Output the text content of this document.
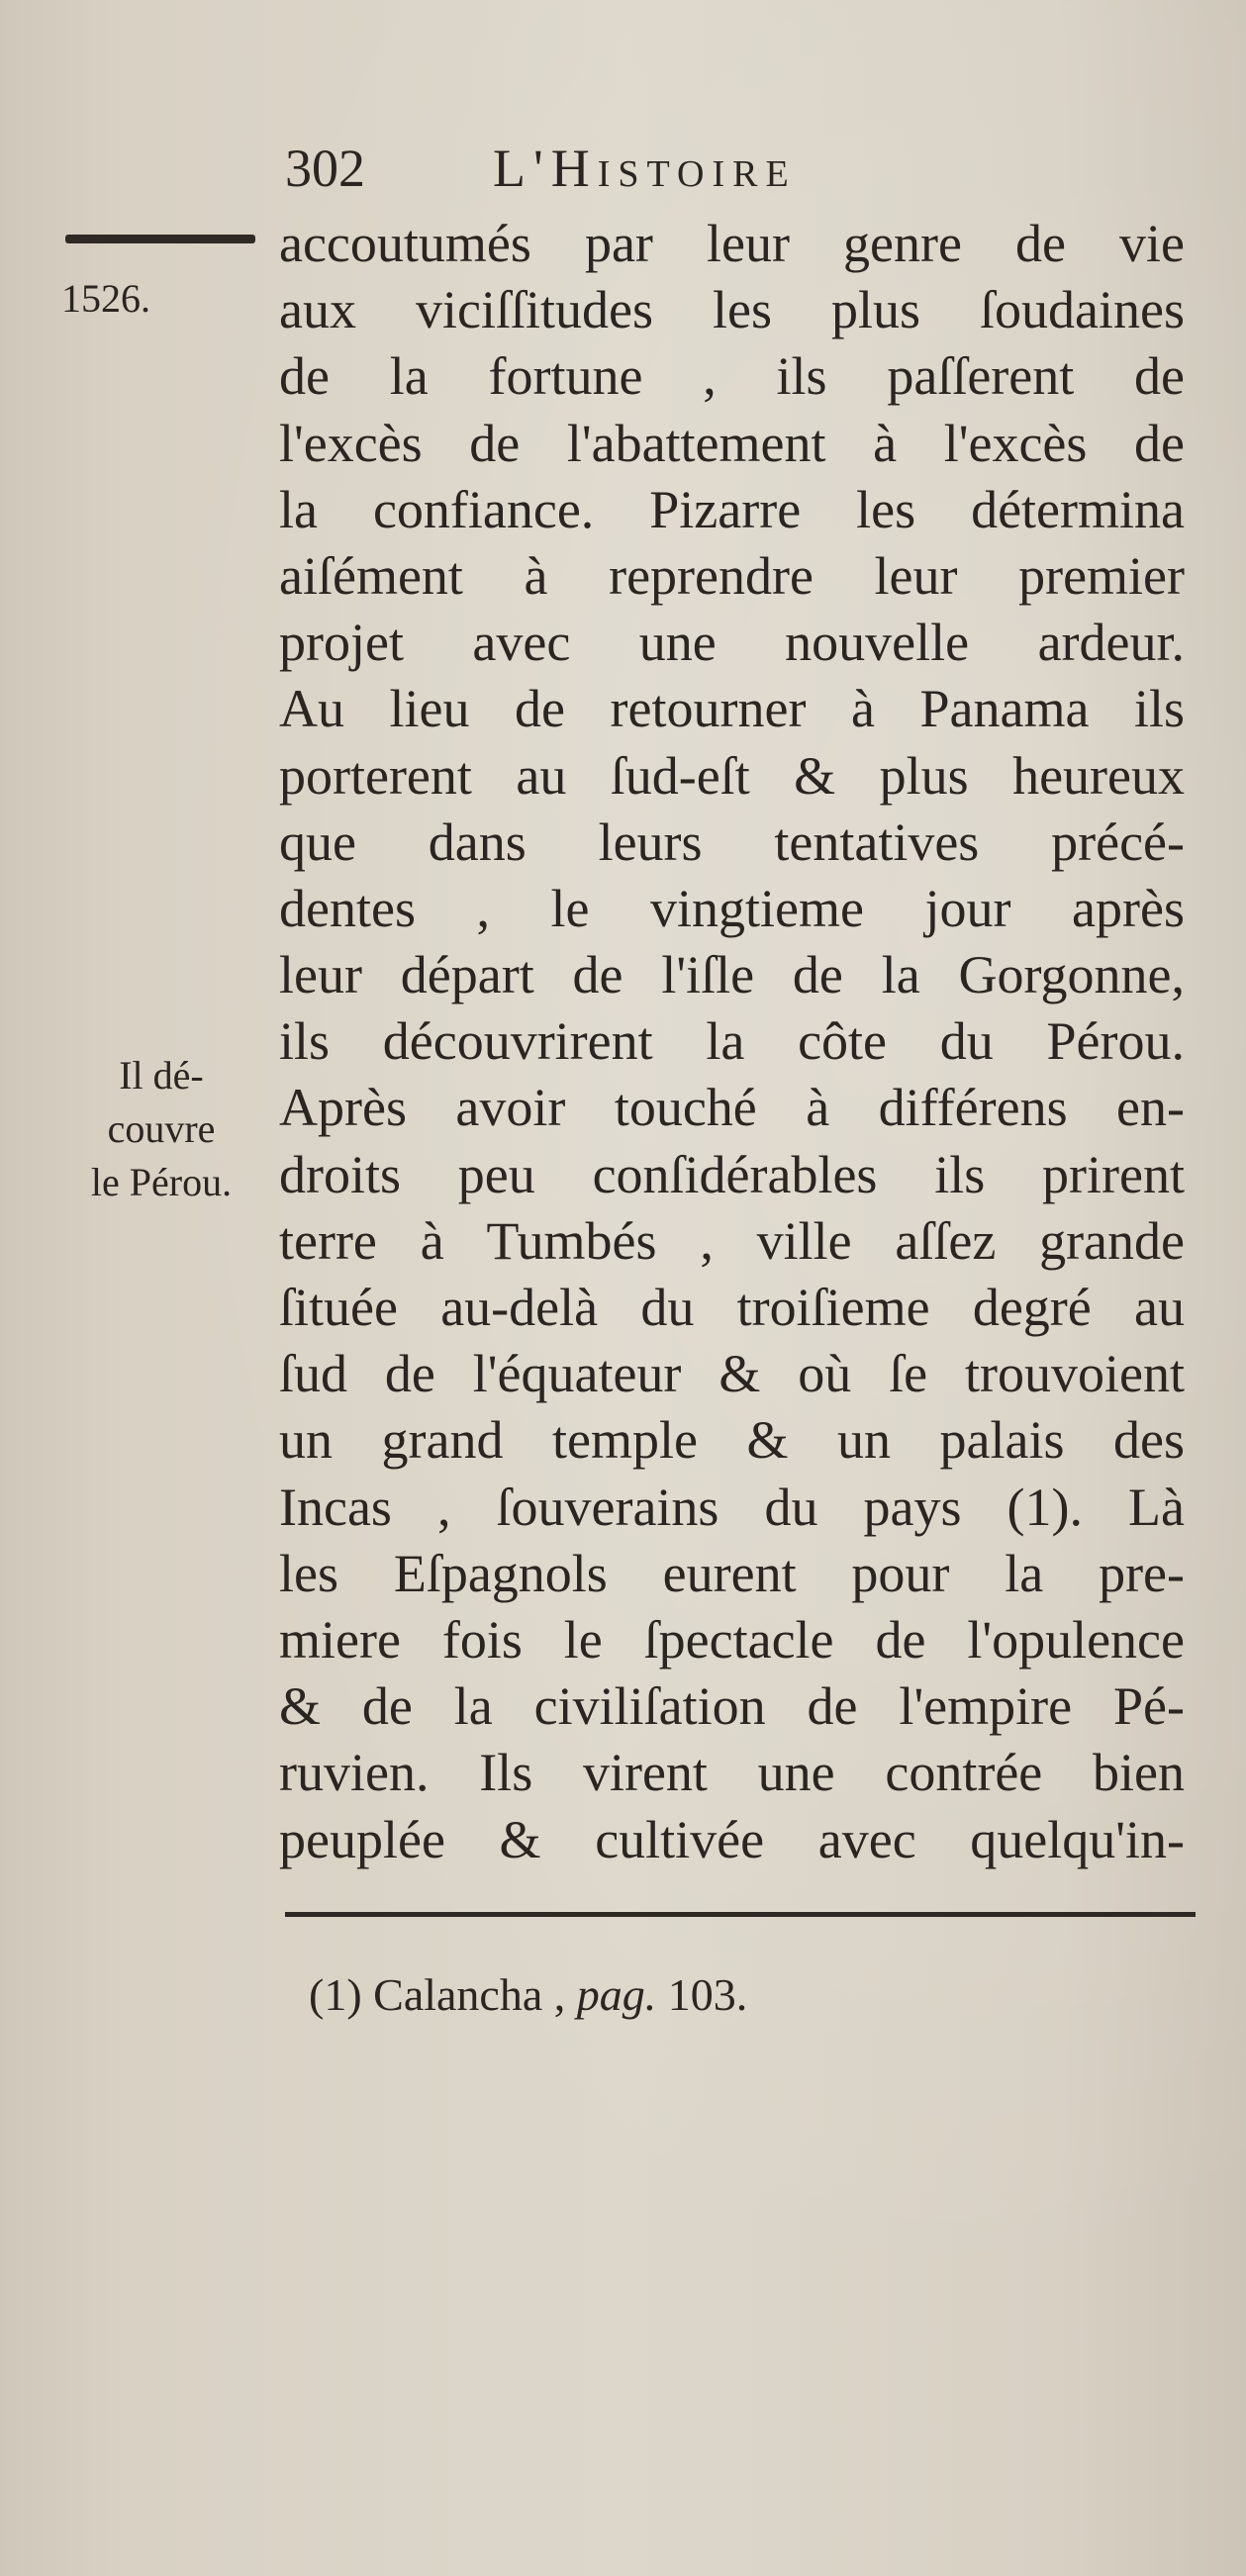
302 L'Histoire
1526.
Il dé-
couvre
le Pérou.
accoutumés par leur genre de vie
aux viciſſitudes les plus ſoudaines
de la fortune , ils paſſerent de
l'excès de l'abattement à l'excès de
la confiance. Pizarre les détermina
aiſément à reprendre leur premier
projet avec une nouvelle ardeur.
Au lieu de retourner à Panama ils
porterent au ſud-eſt & plus heureux
que dans leurs tentatives précé-
dentes , le vingtieme jour après
leur départ de l'iſle de la Gorgonne,
ils découvrirent la côte du Pérou.
Après avoir touché à différens en-
droits peu conſidérables ils prirent
terre à Tumbés , ville aſſez grande
ſituée au-delà du troiſieme degré au
ſud de l'équateur & où ſe trouvoient
un grand temple & un palais des
Incas , ſouverains du pays (1). Là
les Eſpagnols eurent pour la pre-
miere fois le ſpectacle de l'opulence
& de la civiliſation de l'empire Pé-
ruvien. Ils virent une contrée bien
peuplée & cultivée avec quelqu'in-
(1) Calancha , pag. 103.
